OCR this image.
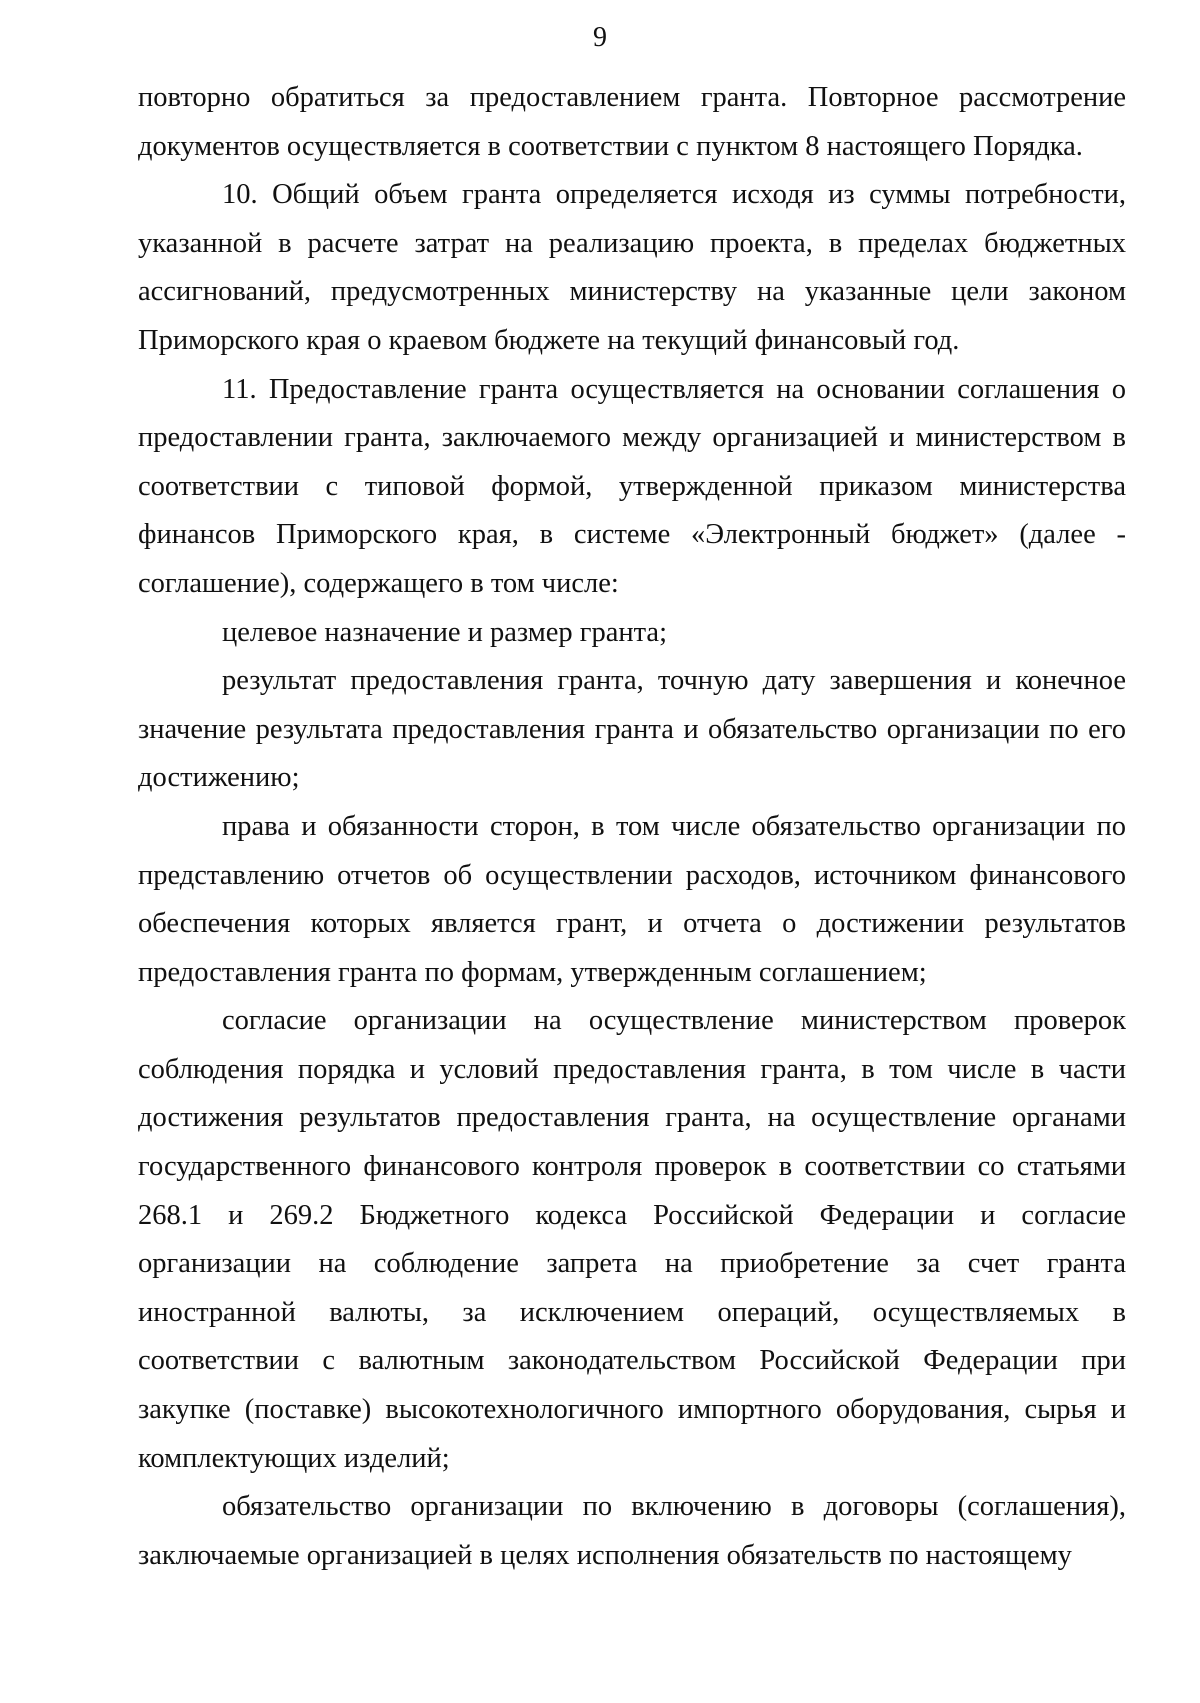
9

повторно обратиться за предоставлением гранта. Повторное рассмотрение документов осуществляется в соответствии с пунктом 8 настоящего Порядка.

10. Общий объем гранта определяется исходя из суммы потребности, указанной в расчете затрат на реализацию проекта, в пределах бюджетных ассигнований, предусмотренных министерству на указанные цели законом Приморского края о краевом бюджете на текущий финансовый год.

11. Предоставление гранта осуществляется на основании соглашения о предоставлении гранта, заключаемого между организацией и министерством в соответствии с типовой формой, утвержденной приказом министерства финансов Приморского края, в системе «Электронный бюджет» (далее - соглашение), содержащего в том числе:

целевое назначение и размер гранта;

результат предоставления гранта, точную дату завершения и конечное значение результата предоставления гранта и обязательство организации по его достижению;

права и обязанности сторон, в том числе обязательство организации по представлению отчетов об осуществлении расходов, источником финансового обеспечения которых является грант, и отчета о достижении результатов предоставления гранта по формам, утвержденным соглашением;

согласие организации на осуществление министерством проверок соблюдения порядка и условий предоставления гранта, в том числе в части достижения результатов предоставления гранта, на осуществление органами государственного финансового контроля проверок в соответствии со статьями 268.1 и 269.2 Бюджетного кодекса Российской Федерации и согласие организации на соблюдение запрета на приобретение за счет гранта иностранной валюты, за исключением операций, осуществляемых в соответствии с валютным законодательством Российской Федерации при закупке (поставке) высокотехнологичного импортного оборудования, сырья и комплектующих изделий;

обязательство организации по включению в договоры (соглашения), заключаемые организацией в целях исполнения обязательств по настоящему
